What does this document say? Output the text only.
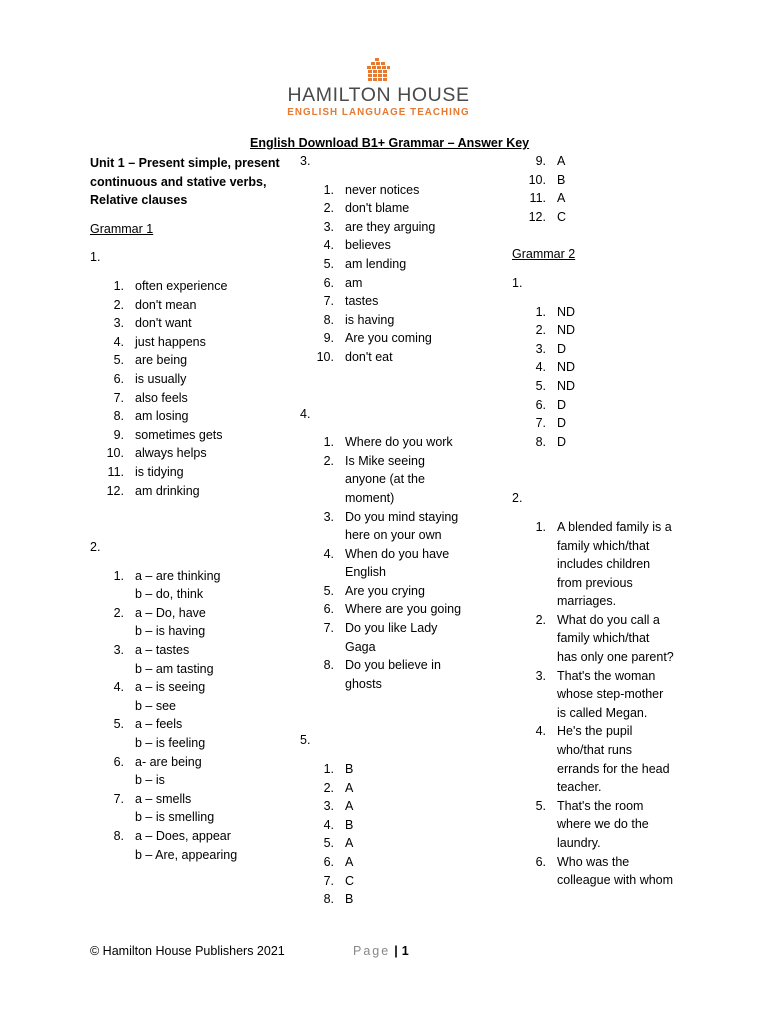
HAMILTON HOUSE
ENGLISH LANGUAGE TEACHING
English Download B1+ Grammar – Answer Key
Unit 1 – Present simple, present continuous and stative verbs, Relative clauses
Grammar 1
1.
1. often experience
2. don't mean
3. don't want
4. just happens
5. are being
6. is usually
7. also feels
8. am losing
9. sometimes gets
10. always helps
11. is tidying
12. am drinking
2.
1. a – are thinking
b – do, think
2. a – Do, have
b – is having
3. a – tastes
b – am tasting
4. a – is seeing
b – see
5. a – feels
b – is feeling
6. a- are being
b – is
7. a – smells
b – is smelling
8. a – Does, appear
b – Are, appearing
3.
1. never notices
2. don't blame
3. are they arguing
4. believes
5. am lending
6. am
7. tastes
8. is having
9. Are you coming
10. don't eat
4.
1. Where do you work
2. Is Mike seeing
anyone (at the
moment)
3. Do you mind staying
here on your own
4. When do you have
English
5. Are you crying
6. Where are you going
7. Do you like Lady
Gaga
8. Do you believe in
ghosts
5.
1. B
2. A
3. A
4. B
5. A
6. A
7. C
8. B
9. A
10. B
11. A
12. C
Grammar 2
1.
1. ND
2. ND
3. D
4. ND
5. ND
6. D
7. D
8. D
2.
1. A blended family is a
family which/that
includes children
from previous
marriages.
2. What do you call a
family which/that
has only one parent?
3. That's the woman
whose step-mother
is called Megan.
4. He's the pupil
who/that runs
errands for the head
teacher.
5. That's the room
where we do the
laundry.
6. Who was the
colleague with whom
© Hamilton House Publishers 2021	Page | 1
